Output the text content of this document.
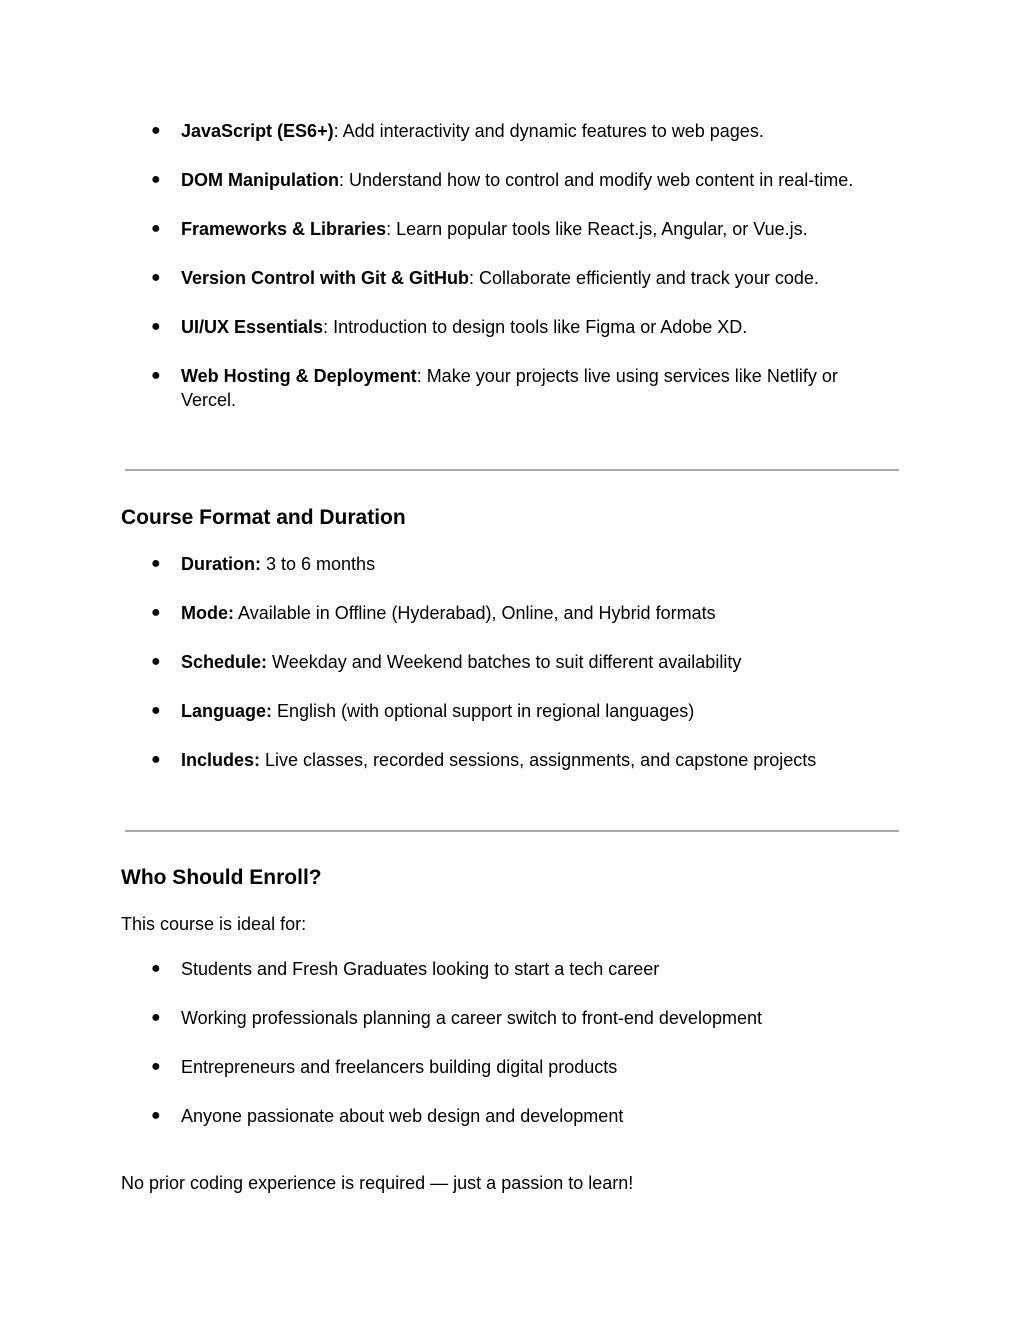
● JavaScript (ES6+): Add interactivity and dynamic features to web pages.
● DOM Manipulation: Understand how to control and modify web content in real-time.
● Frameworks & Libraries: Learn popular tools like React.js, Angular, or Vue.js.
● Version Control with Git & GitHub: Collaborate efficiently and track your code.
● UI/UX Essentials: Introduction to design tools like Figma or Adobe XD.
● Web Hosting & Deployment: Make your projects live using services like Netlify or Vercel.
Course Format and Duration
● Duration: 3 to 6 months
● Mode: Available in Offline (Hyderabad), Online, and Hybrid formats
● Schedule: Weekday and Weekend batches to suit different availability
● Language: English (with optional support in regional languages)
● Includes: Live classes, recorded sessions, assignments, and capstone projects
Who Should Enroll?

This course is ideal for:

● Students and Fresh Graduates looking to start a tech career
● Working professionals planning a career switch to front-end development
● Entrepreneurs and freelancers building digital products
● Anyone passionate about web design and development

No prior coding experience is required — just a passion to learn!
